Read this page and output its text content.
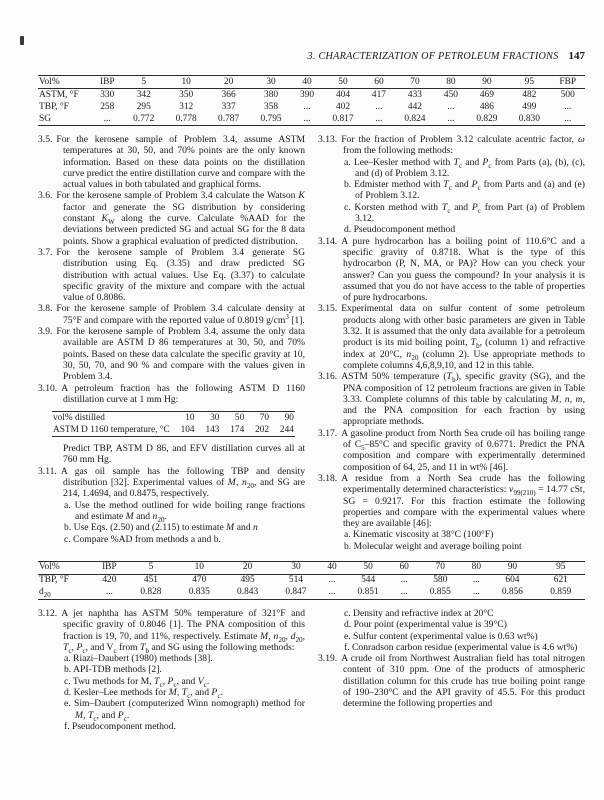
3. CHARACTERIZATION OF PETROLEUM FRACTIONS 147
Vol%	IBP	5	10	20	30	40	50	60	70	80	90	95	FBP
ASTM, °F	330	342	350	366	380	390	404	417	433	450	469	482	500
TBP, °F	258	295	312	337	358	...	402	...	442	...	486	499	...
SG	...	0.772	0.778	0.787	0.795	...	0.817	...	0.824	...	0.829	0.830	...
3.5. For the kerosene sample of Problem 3.4, assume ASTM temperatures at 30, 50, and 70% points are the only known information. Based on these data points on the distillation curve predict the entire distillation curve and compare with the actual values in both tabulated and graphical forms.
3.6. For the kerosene sample of Problem 3.4 calculate the Watson K factor and generate the SG distribution by considering constant $K_W$ along the curve. Calculate %AAD for the deviations between predicted SG and actual SG for the 8 data points. Show a graphical evaluation of predicted distribution.
3.7. For the kerosene sample of Problem 3.4 generate SG distribution using Eq. (3.35) and draw predicted SG distribution with actual values. Use Eq. (3.37) to calculate specific gravity of the mixture and compare with the actual value of 0.8086.
3.8. For the kerosene sample of Problem 3.4 calculate density at 75°F and compare with the reported value of 0.8019 $g/cm^3$ [1].
3.9. For the kerosene sample of Problem 3.4, assume the only data available are ASTM D 86 temperatures at 30, 50, and 70% points. Based on these data calculate the specific gravity at 10, 30, 50, 70, and 90 % and compare with the values given in Problem 3.4.
3.10. A petroleum fraction has the following ASTM D 1160 distillation curve at 1 mm Hg:
vol% distilled	10	30	50	70	90
ASTM D 1160 temperature, °C	104	143	174	202	244
Predict TBP, ASTM D 86, and EFV distillation curves all at 760 mm Hg.
3.11. A gas oil sample has the following TBP and density distribution [32]. Experimental values of M, $n_{20}$, and SG are 214, 1.4694, and 0.8475, respectively.
a. Use the method outlined for wide boiling range fractions and estimate M and $n_{20}$.
b. Use Eqs. (2.50) and (2.115) to estimate M and n
c. Compare %AD from methods a and b.
3.13. For the fraction of Problem 3.12 calculate acentric factor, ω from the following methods:
a. Lee–Kesler method with $T_c$ and $P_c$ from Parts (a), (b), (c), and (d) of Problem 3.12.
b. Edmister method with $T_c$ and $P_c$ from Parts and (a) and (e) of Problem 3.12.
c. Korsten method with $T_c$ and $P_c$ from Part (a) of Problem 3.12.
d. Pseudocomponent method
3.14. A pure hydrocarbon has a boiling point of 110.6°C and a specific gravity of 0.8718. What is the type of this hydrocarbon (P, N, MA, or PA)? How can you check your answer? Can you guess the compound? In your analysis it is assumed that you do not have access to the table of properties of pure hydrocarbons.
3.15. Experimental data on sulfur content of some petroleum products along with other basic parameters are given in Table 3.32. It is assumed that the only data available for a petroleum product is its mid boiling point, $T_b$, (column 1) and refractive index at 20°C, $n_{20}$ (column 2). Use appropriate methods to complete columns 4,6,8,9,10, and 12 in this table.
3.16. ASTM 50% temperature $(T_b)$, specific gravity (SG), and the PNA composition of 12 petroleum fractions are given in Table 3.33. Complete columns of this table by calculating M, n, m, and the PNA composition for each fraction by using appropriate methods.
3.17. A gasoline product from North Sea crude oil has boiling range of $C_5-85^\circ C$ and specific gravity of 0.6771. Predict the PNA composition and compare with experimentally determined composition of 64, 25, and 11 in wt% [46].
3.18. A residue from a North Sea crude has the following experimentally determined characteristics: $\nu_{99(210)} = 14.77$ cSt, SG = 0.9217. For this fraction estimate the following properties and compare with the experimental values where they are available [46]:
a. Kinematic viscosity at 38°C (100°F)
b. Molecular weight and average boiling point
Vol%	IBP	5	10	20	30	40	50	60	70	80	90	95
TBP, °F	420	451	470	495	514	...	544	...	580	...	604	621
$d_{20}$	...	0.828	0.835	0.843	0.847	...	0.851	...	0.855	...	0.856	0.859
3.12. A jet naphtha has ASTM 50% temperature of 321°F and specific gravity of 0.8046 [1]. The PNA composition of this fraction is 19, 70, and 11%, respectively. Estimate M, $n_{20}$, $d_{20}$, $T_c$, $P_c$, and $V_c$ from $T_b$ and SG using the following methods:
a. Riazi–Daubert (1980) methods [38].
b. API-TDB methods [2].
c. Twu methods for M, $T_c$, $P_c$, and $V_c$.
d. Kesler–Lee methods for M, $T_c$, and $P_c$.
e. Sim–Daubert (computerized Winn nomograph) method for M, $T_c$, and $P_c$.
f. Pseudocomponent method.
c. Density and refractive index at 20°C
d. Pour point (experimental value is 39°C)
e. Sulfur content (experimental value is 0.63 wt%)
f. Conradson carbon residue (experimental value is 4.6 wt%)
3.19. A crude oil from Northwest Australian field has total nitrogen content of 310 ppm. One of the products of atmospheric distillation column for this crude has true boiling point range of 190–230°C and the API gravity of 45.5. For this product determine the following properties and
